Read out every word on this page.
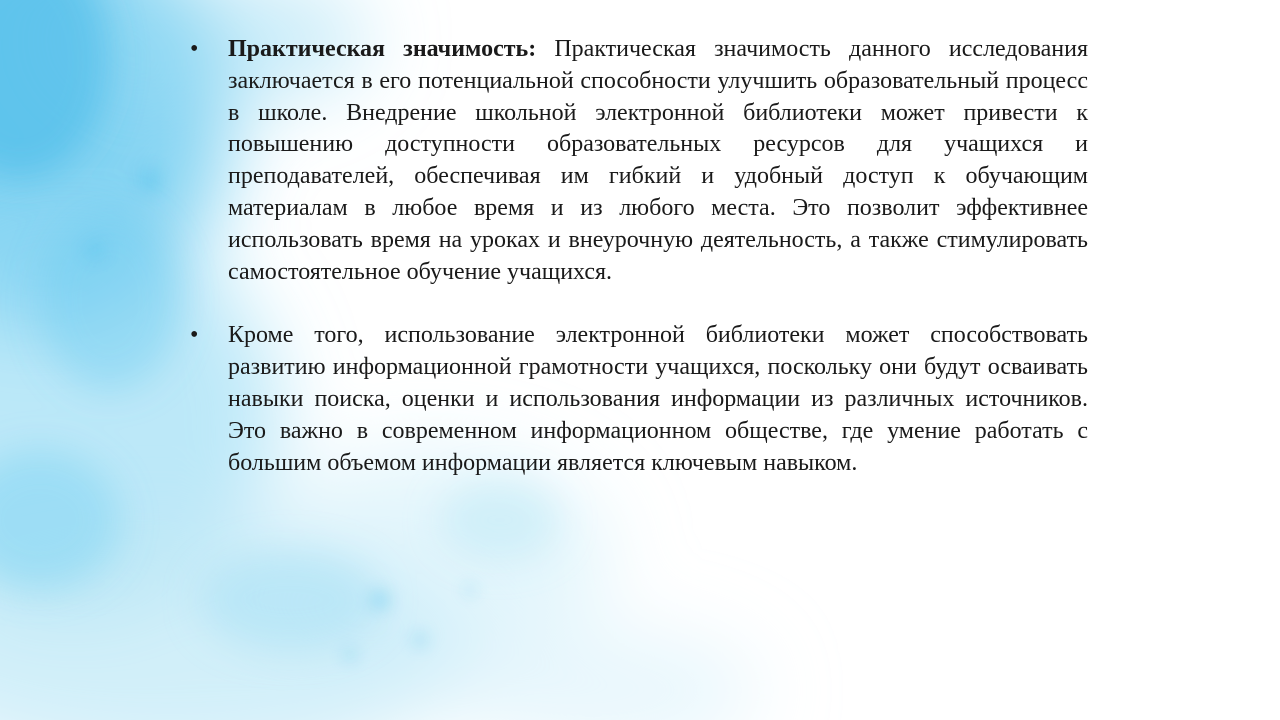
•	Практическая значимость: Практическая значимость данного исследования заключается в его потенциальной способности улучшить образовательный процесс в школе. Внедрение школьной электронной библиотеки может привести к повышению доступности образовательных ресурсов для учащихся и преподавателей, обеспечивая им гибкий и удобный доступ к обучающим материалам в любое время и из любого места. Это позволит эффективнее использовать время на уроках и внеурочную деятельность, а также стимулировать самостоятельное обучение учащихся.
•	Кроме того, использование электронной библиотеки может способствовать развитию информационной грамотности учащихся, поскольку они будут осваивать навыки поиска, оценки и использования информации из различных источников. Это важно в современном информационном обществе, где умение работать с большим объемом информации является ключевым навыком.
